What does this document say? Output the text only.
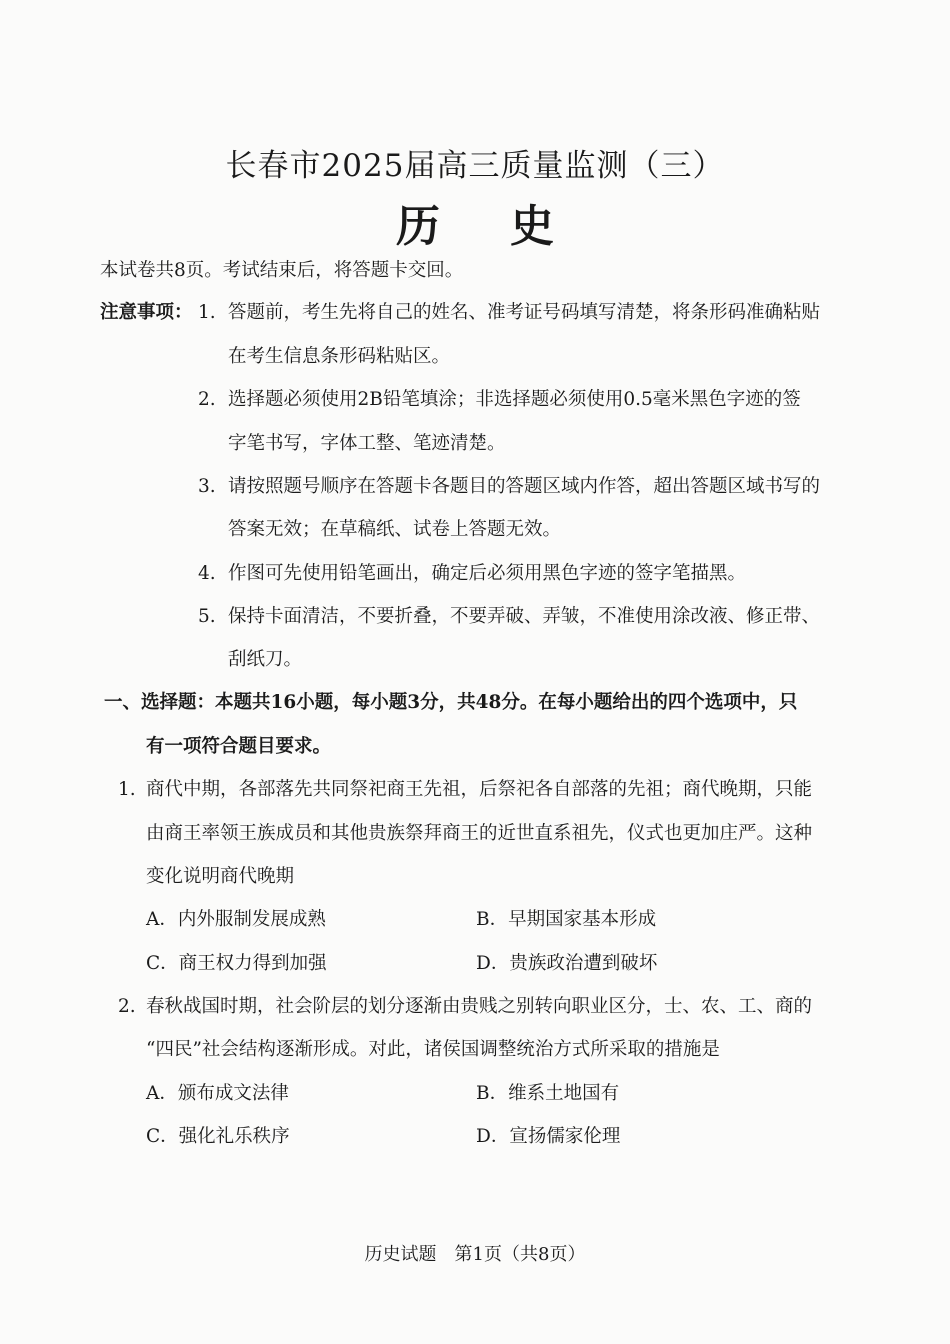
长春市2025届高三质量监测（三）
历史
本试卷共8页。考试结束后，将答题卡交回。
注意事项： 1. 答题前，考生先将自己的姓名、准考证号码填写清楚，将条形码准确粘贴
在考生信息条形码粘贴区。
2. 选择题必须使用2B铅笔填涂；非选择题必须使用0.5毫米黑色字迹的签
字笔书写，字体工整、笔迹清楚。
3. 请按照题号顺序在答题卡各题目的答题区域内作答，超出答题区域书写的
答案无效；在草稿纸、试卷上答题无效。
4. 作图可先使用铅笔画出，确定后必须用黑色字迹的签字笔描黑。
5. 保持卡面清洁，不要折叠，不要弄破、弄皱，不准使用涂改液、修正带、
刮纸刀。
一、选择题：本题共16小题，每小题3分，共48分。在每小题给出的四个选项中，只
有一项符合题目要求。
1. 商代中期，各部落先共同祭祀商王先祖，后祭祀各自部落的先祖；商代晚期，只能
由商王率领王族成员和其他贵族祭拜商王的近世直系祖先，仪式也更加庄严。这种
变化说明商代晚期
A．内外服制发展成熟	B．早期国家基本形成
C．商王权力得到加强	D．贵族政治遭到破坏
2. 春秋战国时期，社会阶层的划分逐渐由贵贱之别转向职业区分，士、农、工、商的
“四民”社会结构逐渐形成。对此，诸侯国调整统治方式所采取的措施是
A．颁布成文法律	B．维系土地国有
C．强化礼乐秩序	D．宣扬儒家伦理
历史试题　第1页（共8页）
